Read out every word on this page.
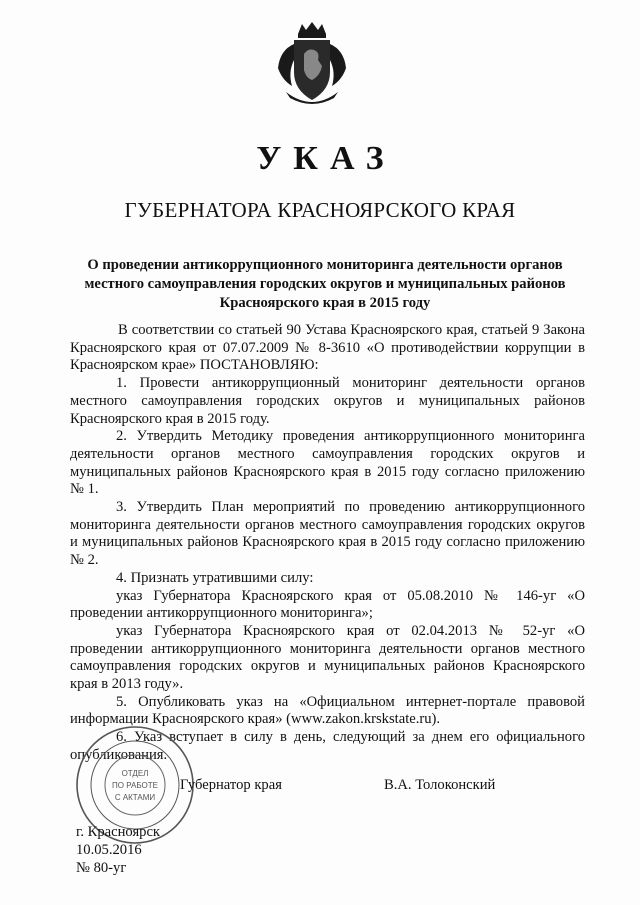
УКАЗ
ГУБЕРНАТОРА КРАСНОЯРСКОГО КРАЯ
О проведении антикоррупционного мониторинга деятельности органов
местного самоуправления городских округов и муниципальных районов
Красноярского края в 2015 году

В соответствии со статьей 90 Устава Красноярского края, статьей 9 Закона Красноярского края от 07.07.2009 № 8-3610 «О противодействии коррупции в Красноярском крае» ПОСТАНОВЛЯЮ:

1. Провести антикоррупционный мониторинг деятельности органов местного самоуправления городских округов и муниципальных районов Красноярского края в 2015 году.

2. Утвердить Методику проведения антикоррупционного мониторинга деятельности органов местного самоуправления городских округов и муниципальных районов Красноярского края в 2015 году согласно приложению № 1.

3. Утвердить План мероприятий по проведению антикоррупционного мониторинга деятельности органов местного самоуправления городских округов и муниципальных районов Красноярского края в 2015 году согласно приложению № 2.

4. Признать утратившими силу:

указ Губернатора Красноярского края от 05.08.2010 № 146-уг «О проведении антикоррупционного мониторинга»;

указ Губернатора Красноярского края от 02.04.2013 № 52-уг «О проведении антикоррупционного мониторинга деятельности органов местного самоуправления городских округов и муниципальных районов Красноярского края в 2013 году».

5. Опубликовать указ на «Официальном интернет-портале правовой информации Красноярского края» (www.zakon.krskstate.ru).

6. Указ вступает в силу в день, следующий за днем его официального опубликования.

ОТДЕЛ
ПО РАБОТЕ
С АКТАМИ
Губернатор края	В.А. Толоконский
г. Красноярск
10.05.2016
№ 80-уг
